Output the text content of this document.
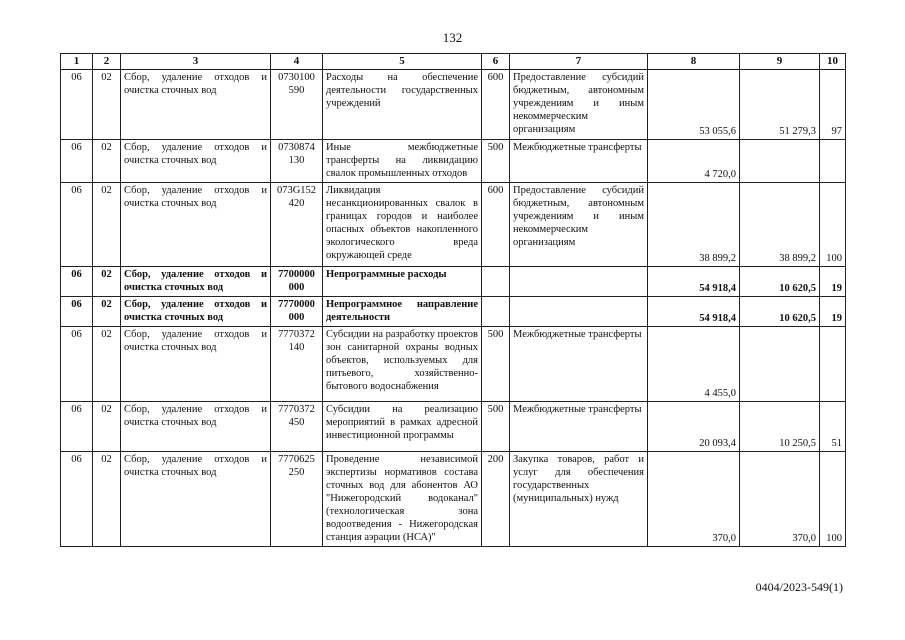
132
1	2	3	4	5	6	7	8	9	10
06	02	Сбор, удаление отходов и очистка сточных вод	0730100 590	Расходы на обеспечение деятельности государственных учреждений	600	Предоставление субсидий бюджетным, автономным учреждениям и иным некоммерческим организациям	53 055,6	51 279,3	97
06	02	Сбор, удаление отходов и очистка сточных вод	0730874 130	Иные межбюджетные трансферты на ликвидацию свалок промышленных отходов	500	Межбюджетные трансферты	4 720,0		
06	02	Сбор, удаление отходов и очистка сточных вод	073G152 420	Ликвидация несанкционированных свалок в границах городов и наиболее опасных объектов накопленного экологического вреда окружающей среде	600	Предоставление субсидий бюджетным, автономным учреждениям и иным некоммерческим организациям	38 899,2	38 899,2	100
06	02	Сбор, удаление отходов и очистка сточных вод	7700000 000	Непрограммные расходы			54 918,4	10 620,5	19
06	02	Сбор, удаление отходов и очистка сточных вод	7770000 000	Непрограммное направление деятельности			54 918,4	10 620,5	19
06	02	Сбор, удаление отходов и очистка сточных вод	7770372 140	Субсидии на разработку проектов зон санитарной охраны водных объектов, используемых для питьевого, хозяйственно-бытового водоснабжения	500	Межбюджетные трансферты	4 455,0		
06	02	Сбор, удаление отходов и очистка сточных вод	7770372 450	Субсидии на реализацию мероприятий в рамках адресной инвестиционной программы	500	Межбюджетные трансферты	20 093,4	10 250,5	51
06	02	Сбор, удаление отходов и очистка сточных вод	7770625 250	Проведение независимой экспертизы нормативов состава сточных вод для абонентов АО "Нижегородский водоканал" (технологическая зона водоотведения - Нижегородская станция аэрации (НСА)"	200	Закупка товаров, работ и услуг для обеспечения государственных (муниципальных) нужд	370,0	370,0	100
0404/2023-549(1)
